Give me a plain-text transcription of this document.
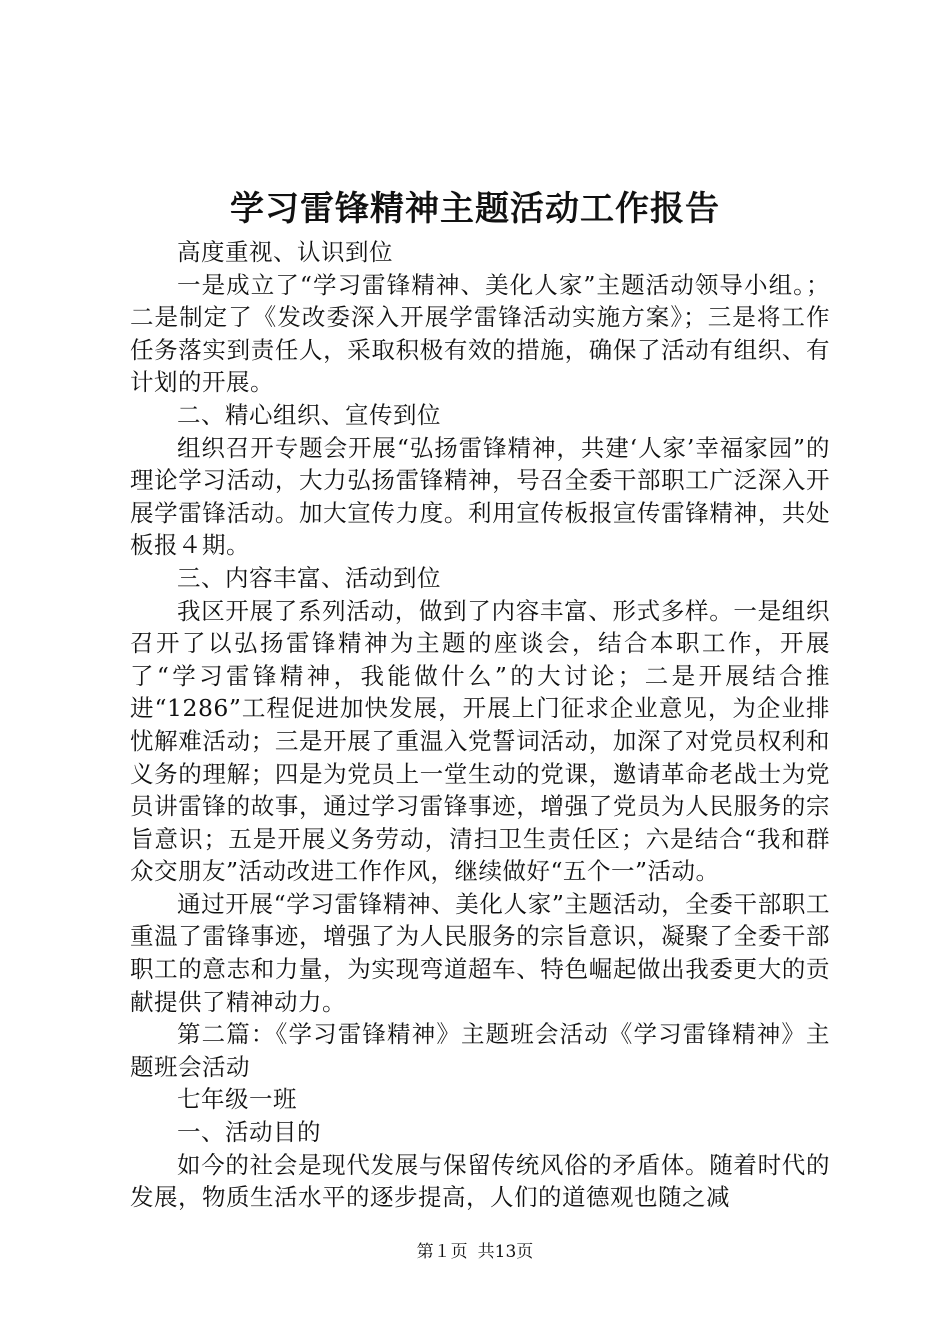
学习雷锋精神主题活动工作报告

高度重视、认识到位

一是成立了“学习雷锋精神、美化人家”主题活动领导小组。；二是制定了《发改委深入开展学雷锋活动实施方案》；三是将工作任务落实到责任人，采取积极有效的措施，确保了活动有组织、有计划的开展。

二、精心组织、宣传到位

组织召开专题会开展“弘扬雷锋精神，共建‘人家’幸福家园”的理论学习活动，大力弘扬雷锋精神，号召全委干部职工广泛深入开展学雷锋活动。加大宣传力度。利用宣传板报宣传雷锋精神，共处板报４期。

三、内容丰富、活动到位

我区开展了系列活动，做到了内容丰富、形式多样。一是组织召开了以弘扬雷锋精神为主题的座谈会，结合本职工作，开展了“学习雷锋精神，我能做什么”的大讨论；二是开展结合推进“1286”工程促进加快发展，开展上门征求企业意见，为企业排忧解难活动；三是开展了重温入党誓词活动，加深了对党员权利和义务的理解；四是为党员上一堂生动的党课，邀请革命老战士为党员讲雷锋的故事，通过学习雷锋事迹，增强了党员为人民服务的宗旨意识；五是开展义务劳动，清扫卫生责任区；六是结合“我和群众交朋友”活动改进工作作风，继续做好“五个一”活动。

通过开展“学习雷锋精神、美化人家”主题活动，全委干部职工重温了雷锋事迹，增强了为人民服务的宗旨意识，凝聚了全委干部职工的意志和力量，为实现弯道超车、特色崛起做出我委更大的贡献提供了精神动力。

第二篇：《学习雷锋精神》主题班会活动《学习雷锋精神》主题班会活动

七年级一班

一、活动目的

如今的社会是现代发展与保留传统风俗的矛盾体。随着时代的发展，物质生活水平的逐步提高，人们的道德观也随之减

第１页 共13页
